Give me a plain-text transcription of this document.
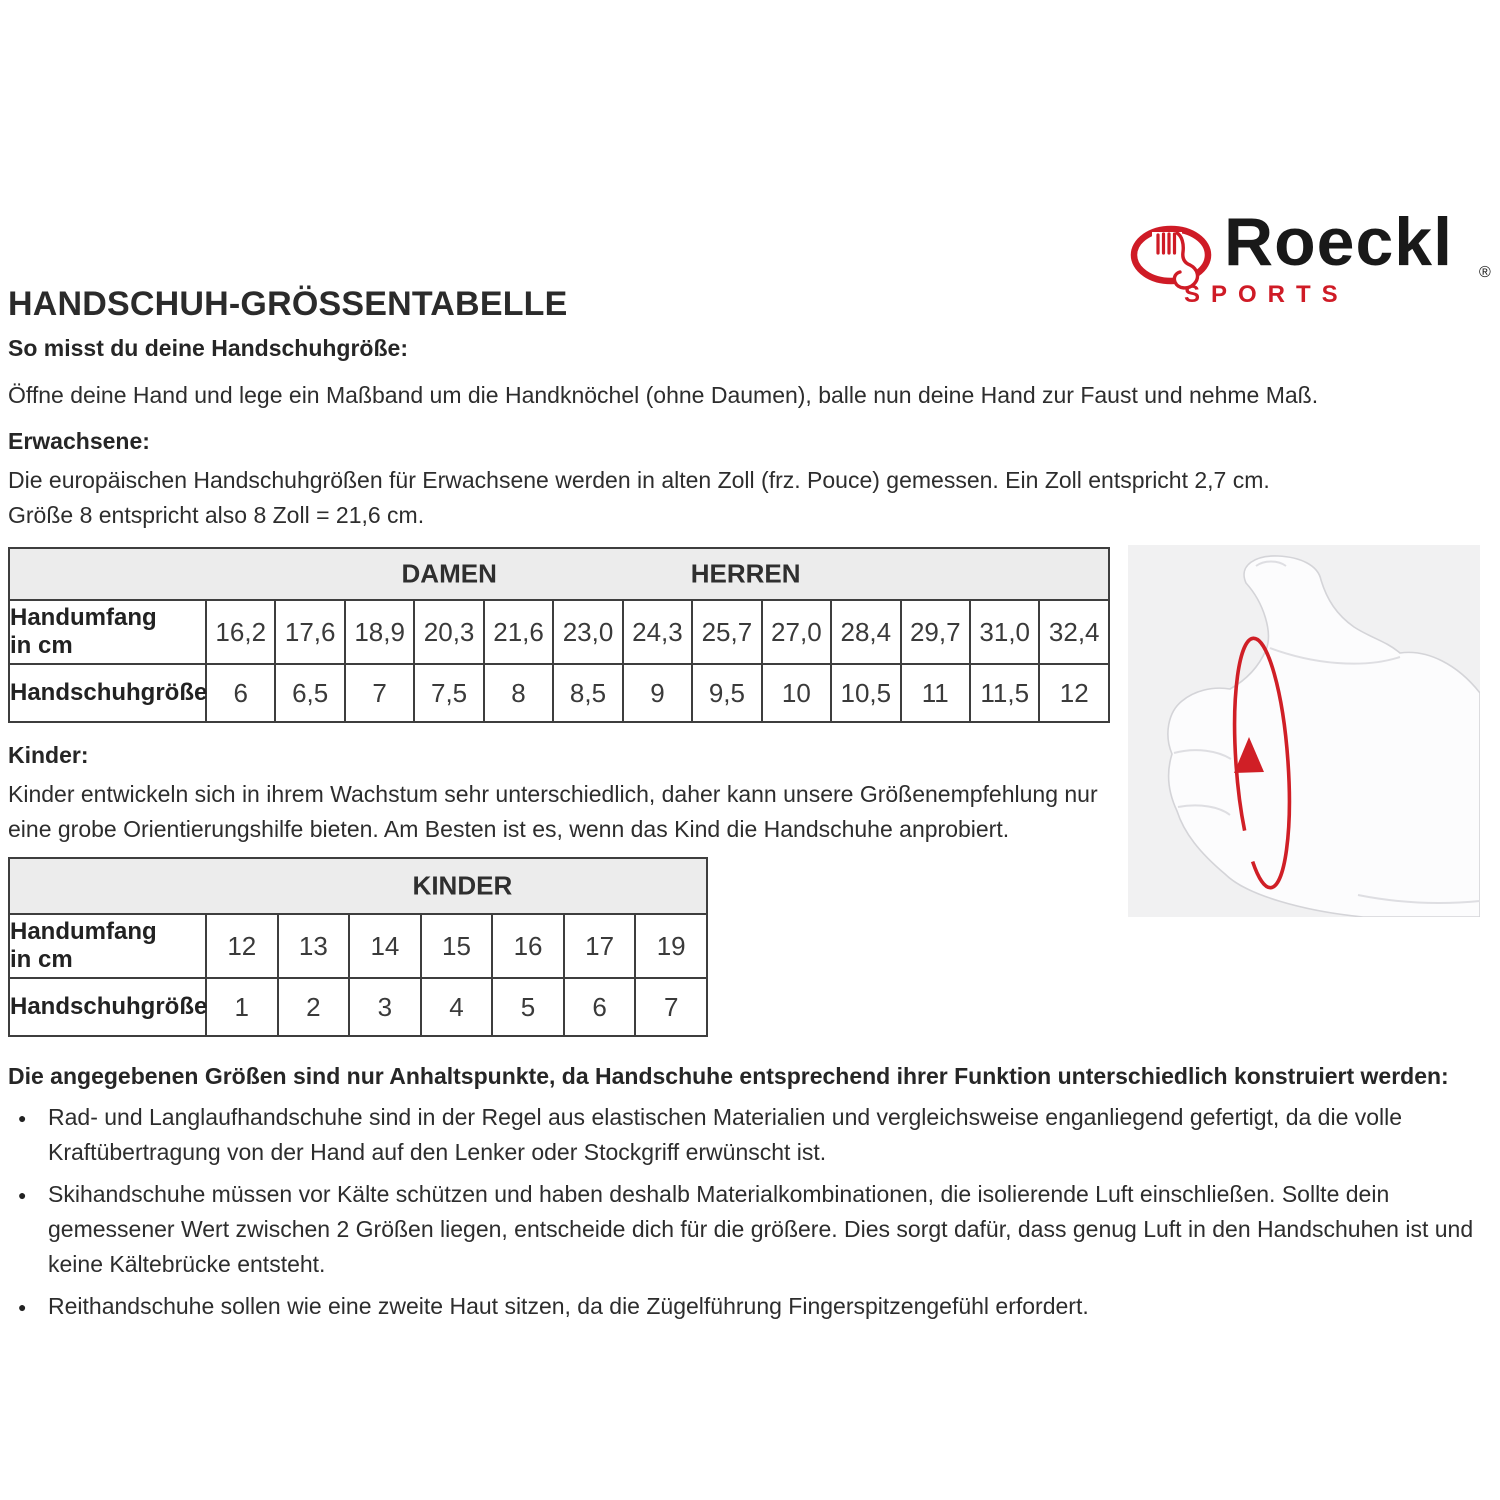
HANDSCHUH-GRÖSSENTABELLE
Roeckl ®
SPORTS
So misst du deine Handschuhgröße:
Öffne deine Hand und lege ein Maßband um die Handknöchel (ohne Daumen), balle nun deine Hand zur Faust und nehme Maß.
Erwachsene:
Die europäischen Handschuhgrößen für Erwachsene werden in alten Zoll (frz. Pouce) gemessen. Ein Zoll entspricht 2,7 cm.
Größe 8 entspricht also 8 Zoll = 21,6 cm.
DAMEN HERREN													

Handumfang
in cm	16,2	17,6	18,9	20,3	21,6	23,0	24,3	25,7	27,0	28,4	29,7	31,0	32,4
Handschuhgröße	6	6,5	7	7,5	8	8,5	9	9,5	10	10,5	11	11,5	12
Kinder:
Kinder entwickeln sich in ihrem Wachstum sehr unterschiedlich, daher kann unsere Größenempfehlung nur eine grobe Orientierungshilfe bieten. Am Besten ist es, wenn das Kind die Handschuhe anprobiert.
KINDER							

Handumfang
in cm	12	13	14	15	16	17	19
Handschuhgröße	1	2	3	4	5	6	7
Die angegebenen Größen sind nur Anhaltspunkte, da Handschuhe entsprechend ihrer Funktion unterschiedlich konstruiert werden:
● Rad- und Langlaufhandschuhe sind in der Regel aus elastischen Materialien und vergleichsweise enganliegend gefertigt, da die volle Kraftübertragung von der Hand auf den Lenker oder Stockgriff erwünscht ist.
● Skihandschuhe müssen vor Kälte schützen und haben deshalb Materialkombinationen, die isolierende Luft einschließen. Sollte dein gemessener Wert zwischen 2 Größen liegen, entscheide dich für die größere. Dies sorgt dafür, dass genug Luft in den Handschuhen ist und keine Kältebrücke entsteht.
● Reithandschuhe sollen wie eine zweite Haut sitzen, da die Zügelführung Fingerspitzengefühl erfordert.
